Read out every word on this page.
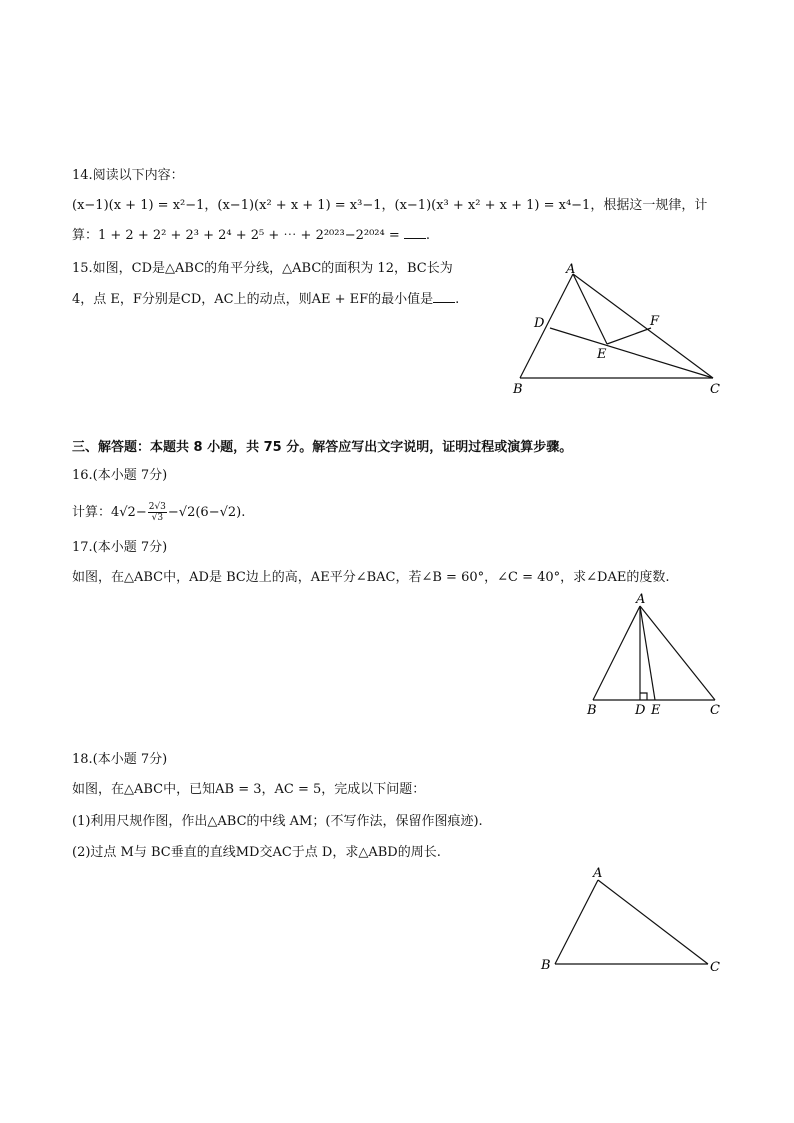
14.阅读以下内容：
(x−1)(x + 1) = x²−1，(x−1)(x² + x + 1) = x³−1，(x−1)(x³ + x² + x + 1) = x⁴−1，根据这一规律，计
算：1 + 2 + 2² + 2³ + 2⁴ + 2⁵ + ⋯ + 2²⁰²³−2²⁰²⁴ = .
15.如图，CD是△ABC的角平分线，△ABC的面积为 12，BC长为
4，点 E，F分别是CD，AC上的动点，则AE + EF的最小值是 .
A
B	C
D
E
F
三、解答题：本题共 8 小题，共 75 分。解答应写出文字说明，证明过程或演算步骤。
16.(本小题 7分)
计算：$4√2- \frac{2√3}{√3} -√2(6-√2)$.
17.(本小题 7分)
如图，在△ABC中，AD是 BC边上的高，AE平分∠BAC，若∠B = 60°，∠C = 40°，求∠DAE的度数.
A
B	C
D E
18.(本小题 7分)
如图，在△ABC中，已知AB = 3，AC = 5，完成以下问题：
(1)利用尺规作图，作出△ABC的中线 AM；(不写作法，保留作图痕迹).
(2)过点 M与 BC垂直的直线MD交AC于点 D，求△ABD的周长.
A
B	C
